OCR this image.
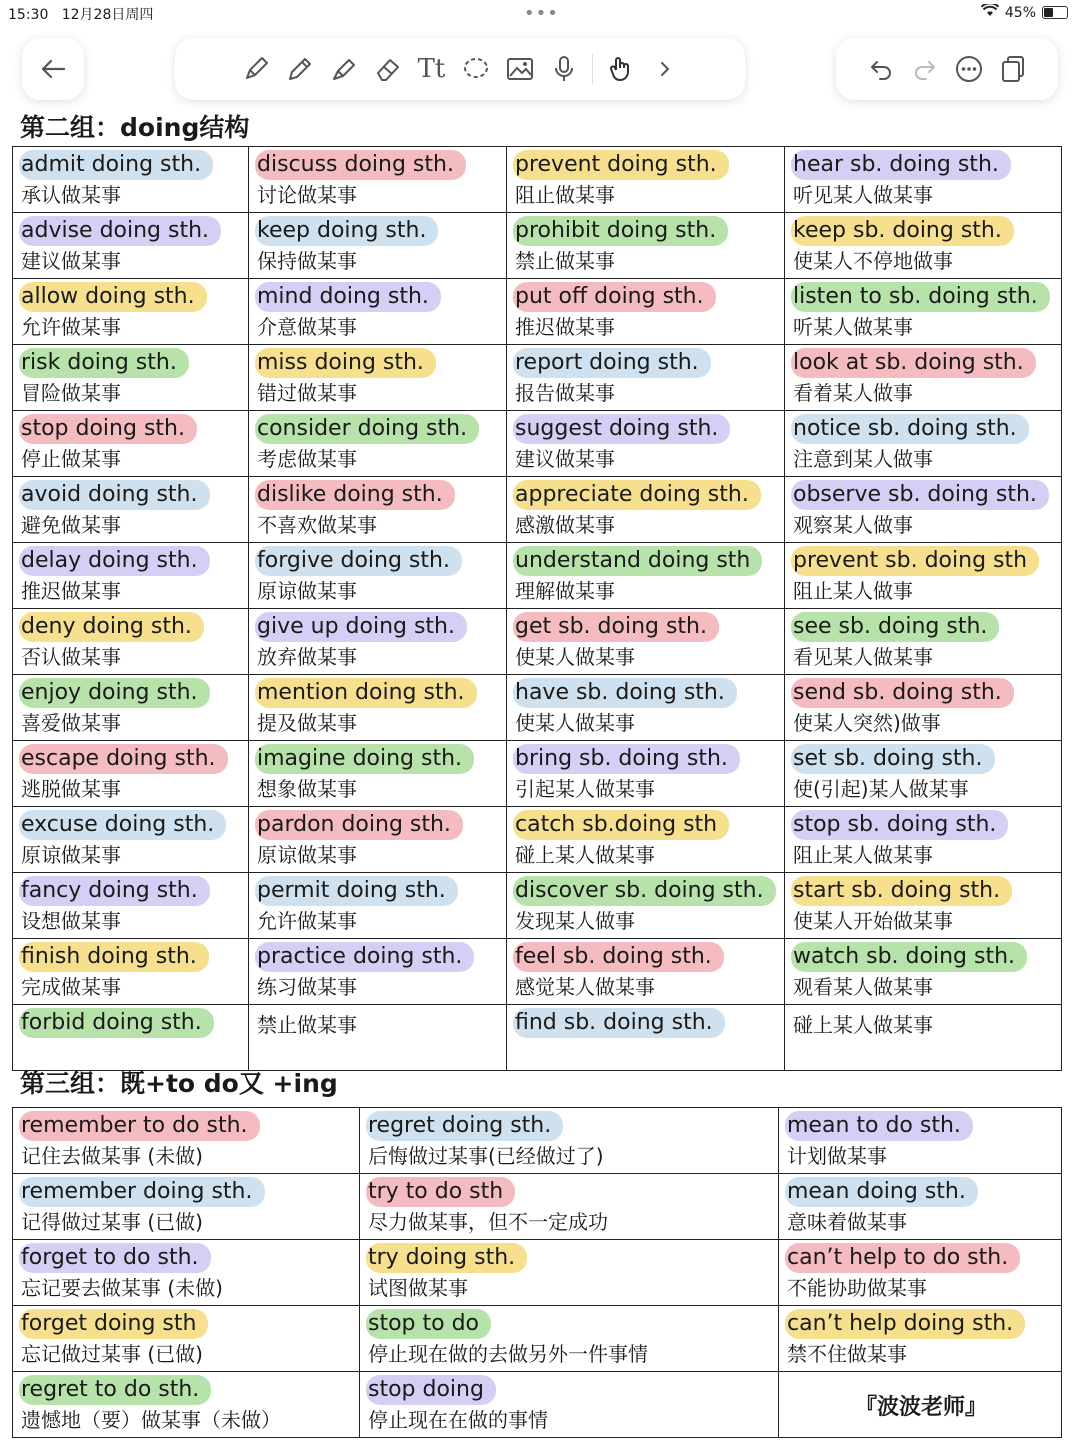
15:30 12月28日周四	•••	45%
Tt
第二组：doing结构
admit doing sth.
承认做某事	discuss doing sth.
讨论做某事	prevent doing sth.
阻止做某事	hear sb. doing sth.
听见某人做某事

advise doing sth.
建议做某事	keep doing sth.
保持做某事	prohibit doing sth.
禁止做某事	keep sb. doing sth.
使某人不停地做事

allow doing sth.
允许做某事	mind doing sth.
介意做某事	put off doing sth.
推迟做某事	listen to sb. doing sth.
听某人做某事

risk doing sth.
冒险做某事	miss doing sth.
错过做某事	report doing sth.
报告做某事	look at sb. doing sth.
看着某人做事

stop doing sth.
停止做某事	consider doing sth.
考虑做某事	suggest doing sth.
建议做某事	notice sb. doing sth.
注意到某人做事

avoid doing sth.
避免做某事	dislike doing sth.
不喜欢做某事	appreciate doing sth.
感激做某事	observe sb. doing sth.
观察某人做事

delay doing sth.
推迟做某事	forgive doing sth.
原谅做某事	understand doing sth
理解做某事	prevent sb. doing sth
阻止某人做事

deny doing sth.
否认做某事	give up doing sth.
放弃做某事	get sb. doing sth.
使某人做某事	see sb. doing sth.
看见某人做某事

enjoy doing sth.
喜爱做某事	mention doing sth.
提及做某事	have sb. doing sth.
使某人做某事	send sb. doing sth.
使某人突然)做事

escape doing sth.
逃脱做某事	imagine doing sth.
想象做某事	bring sb. doing sth.
引起某人做某事	set sb. doing sth.
使(引起)某人做某事

excuse doing sth.
原谅做某事	pardon doing sth.
原谅做某事	catch sb.doing sth
碰上某人做某事	stop sb. doing sth.
阻止某人做某事

fancy doing sth.
设想做某事	permit doing sth.
允许做某事	discover sb. doing sth.
发现某人做事	start sb. doing sth.
使某人开始做某事

finish doing sth.
完成做某事	practice doing sth.
练习做某事	feel sb. doing sth.
感觉某人做某事	watch sb. doing sth.
观看某人做某事

forbid doing sth.	禁止做某事	find sb. doing sth.	碰上某人做某事
第三组：既+to do又 +ing
remember to do sth.
记住去做某事 (未做)	regret doing sth.
后悔做过某事(已经做过了)	mean to do sth.
计划做某事

remember doing sth.
记得做过某事 (已做)	try to do sth
尽力做某事，但不一定成功	mean doing sth.
意味着做某事

forget to do sth.
忘记要去做某事 (未做)	try doing sth.
试图做某事	can’t help to do sth.
不能协助做某事

forget doing sth
忘记做过某事 (已做)	stop to do
停止现在做的去做另外一件事情	can’t help doing sth.
禁不住做某事

regret to do sth.
遗憾地（要）做某事（未做）	stop doing
停止现在在做的事情	『波波老师』
